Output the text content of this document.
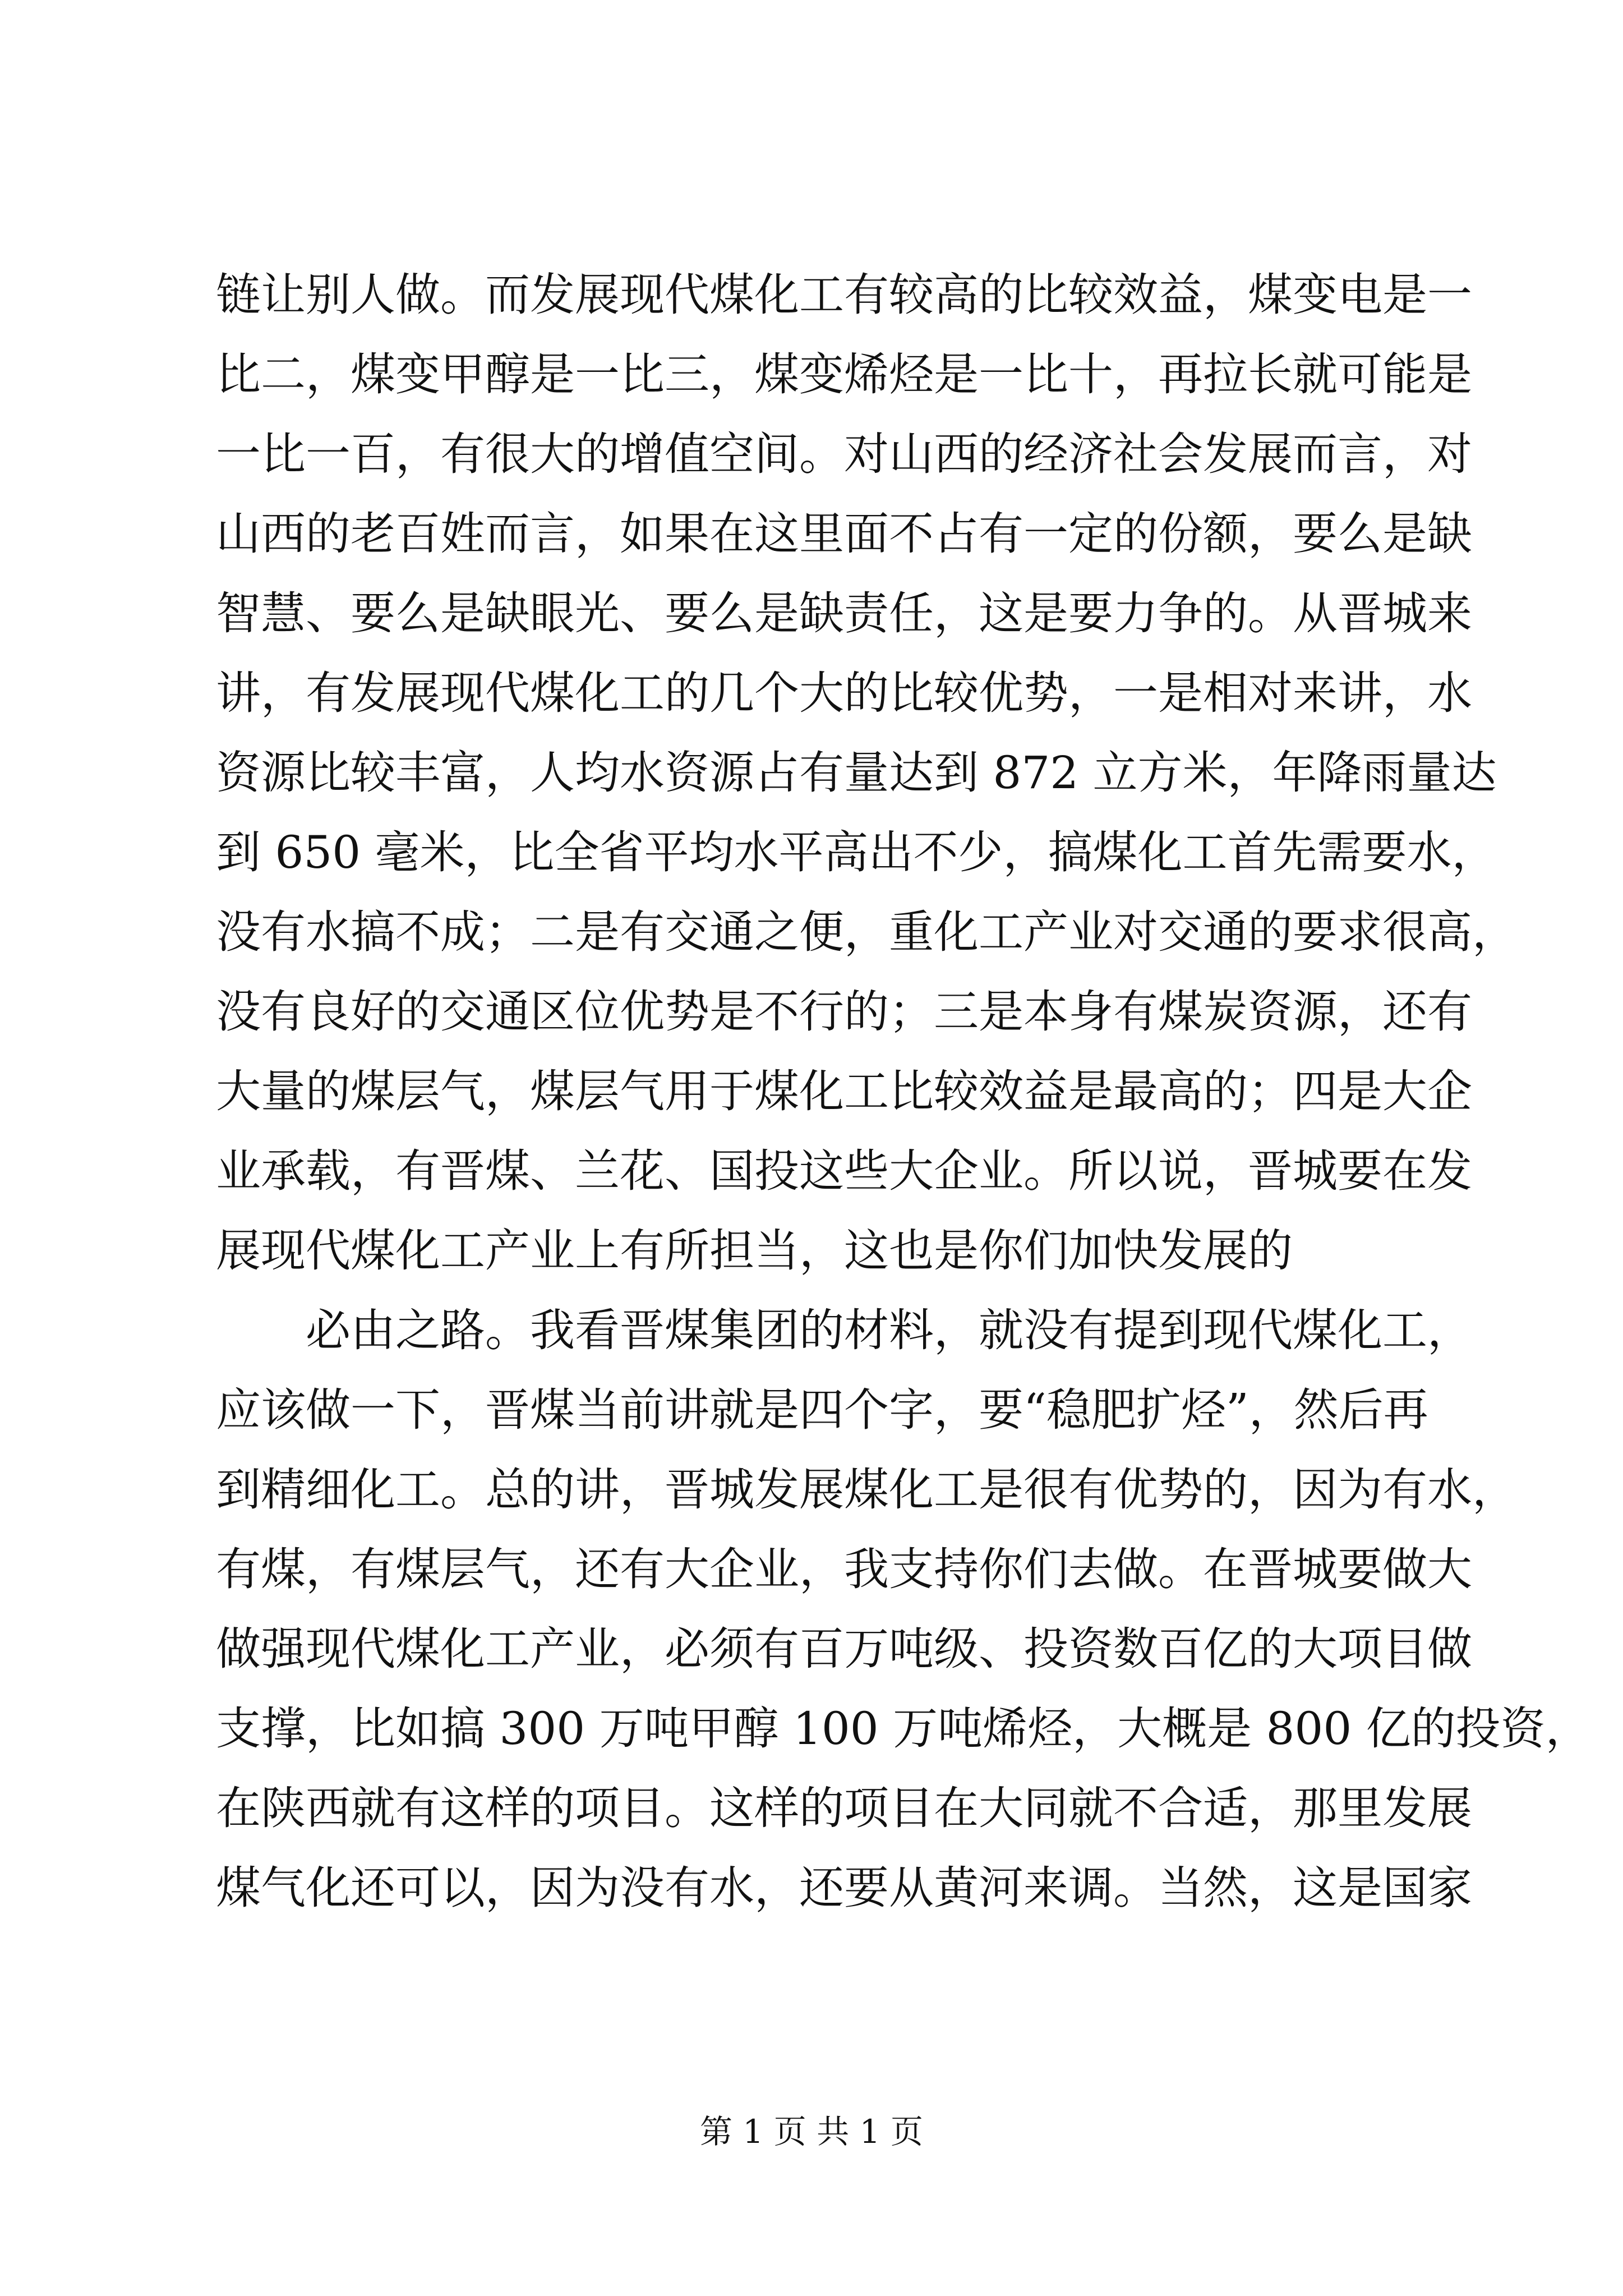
链让别人做。而发展现代煤化工有较高的比较效益，煤变电是一
比二，煤变甲醇是一比三，煤变烯烃是一比十，再拉长就可能是
一比一百，有很大的增值空间。对山西的经济社会发展而言，对
山西的老百姓而言，如果在这里面不占有一定的份额，要么是缺
智慧、要么是缺眼光、要么是缺责任，这是要力争的。从晋城来
讲，有发展现代煤化工的几个大的比较优势，一是相对来讲，水
资源比较丰富，人均水资源占有量达到 872 立方米，年降雨量达
到 650 毫米，比全省平均水平高出不少，搞煤化工首先需要水，
没有水搞不成；二是有交通之便，重化工产业对交通的要求很高，
没有良好的交通区位优势是不行的；三是本身有煤炭资源，还有
大量的煤层气，煤层气用于煤化工比较效益是最高的；四是大企
业承载，有晋煤、兰花、国投这些大企业。所以说，晋城要在发
展现代煤化工产业上有所担当，这也是你们加快发展的
必由之路。我看晋煤集团的材料，就没有提到现代煤化工，
应该做一下，晋煤当前讲就是四个字，要“稳肥扩烃”，然后再
到精细化工。总的讲，晋城发展煤化工是很有优势的，因为有水，
有煤，有煤层气，还有大企业，我支持你们去做。在晋城要做大
做强现代煤化工产业，必须有百万吨级、投资数百亿的大项目做
支撑，比如搞 300 万吨甲醇 100 万吨烯烃，大概是 800 亿的投资，
在陕西就有这样的项目。这样的项目在大同就不合适，那里发展
煤气化还可以，因为没有水，还要从黄河来调。当然，这是国家
第 1 页 共 1 页
